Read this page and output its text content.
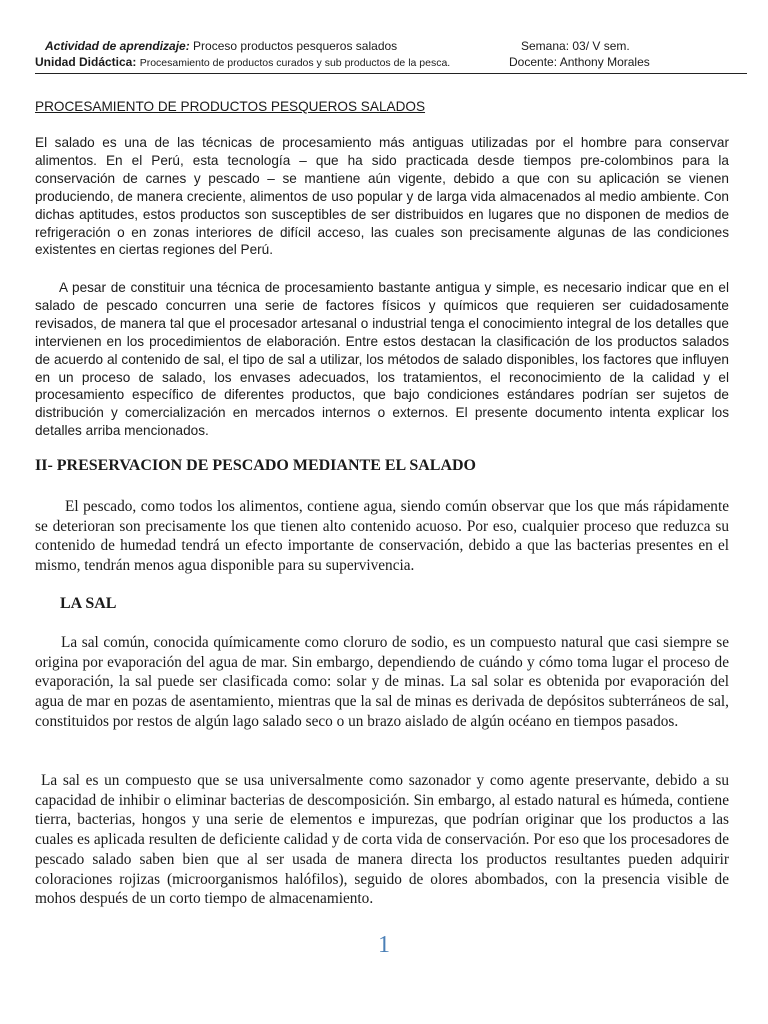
Actividad de aprendizaje: Proceso productos pesqueros salados	Semana: 03/ V sem.
Unidad Didáctica: Procesamiento de productos curados y sub productos de la pesca.	Docente: Anthony Morales
PROCESAMIENTO DE PRODUCTOS PESQUEROS SALADOS

El salado es una de las técnicas de procesamiento más antiguas utilizadas por el hombre para conservar alimentos. En el Perú, esta tecnología – que ha sido practicada desde tiempos pre-colombinos para la conservación de carnes y pescado – se mantiene aún vigente, debido a que con su aplicación se vienen produciendo, de manera creciente, alimentos de uso popular y de larga vida almacenados al medio ambiente. Con dichas aptitudes, estos productos son susceptibles de ser distribuidos en lugares que no disponen de medios de refrigeración o en zonas interiores de difícil acceso, las cuales son precisamente algunas de las condiciones existentes en ciertas regiones del Perú.

A pesar de constituir una técnica de procesamiento bastante antigua y simple, es necesario indicar que en el salado de pescado concurren una serie de factores físicos y químicos que requieren ser cuidadosamente revisados, de manera tal que el procesador artesanal o industrial tenga el conocimiento integral de los detalles que intervienen en los procedimientos de elaboración. Entre estos destacan la clasificación de los productos salados de acuerdo al contenido de sal, el tipo de sal a utilizar, los métodos de salado disponibles, los factores que influyen en un proceso de salado, los envases adecuados, los tratamientos, el reconocimiento de la calidad y el procesamiento específico de diferentes productos, que bajo condiciones estándares podrían ser sujetos de distribución y comercialización en mercados internos o externos. El presente documento intenta explicar los detalles arriba mencionados.

II- PRESERVACION DE PESCADO MEDIANTE EL SALADO

El pescado, como todos los alimentos, contiene agua, siendo común observar que los que más rápidamente se deterioran son precisamente los que tienen alto contenido acuoso. Por eso, cualquier proceso que reduzca su contenido de humedad tendrá un efecto importante de conservación, debido a que las bacterias presentes en el mismo, tendrán menos agua disponible para su supervivencia.

LA SAL

La sal común, conocida químicamente como cloruro de sodio, es un compuesto natural que casi siempre se origina por evaporación del agua de mar. Sin embargo, dependiendo de cuándo y cómo toma lugar el proceso de evaporación, la sal puede ser clasificada como: solar y de minas. La sal solar es obtenida por evaporación del agua de mar en pozas de asentamiento, mientras que la sal de minas es derivada de depósitos subterráneos de sal, constituidos por restos de algún lago salado seco o un brazo aislado de algún océano en tiempos pasados.

La sal es un compuesto que se usa universalmente como sazonador y como agente preservante, debido a su capacidad de inhibir o eliminar bacterias de descomposición. Sin embargo, al estado natural es húmeda, contiene tierra, bacterias, hongos y una serie de elementos e impurezas, que podrían originar que los productos a las cuales es aplicada resulten de deficiente calidad y de corta vida de conservación. Por eso que los procesadores de pescado salado saben bien que al ser usada de manera directa los productos resultantes pueden adquirir coloraciones rojizas (microorganismos halófilos), seguido de olores abombados, con la presencia visible de mohos después de un corto tiempo de almacenamiento.

1
